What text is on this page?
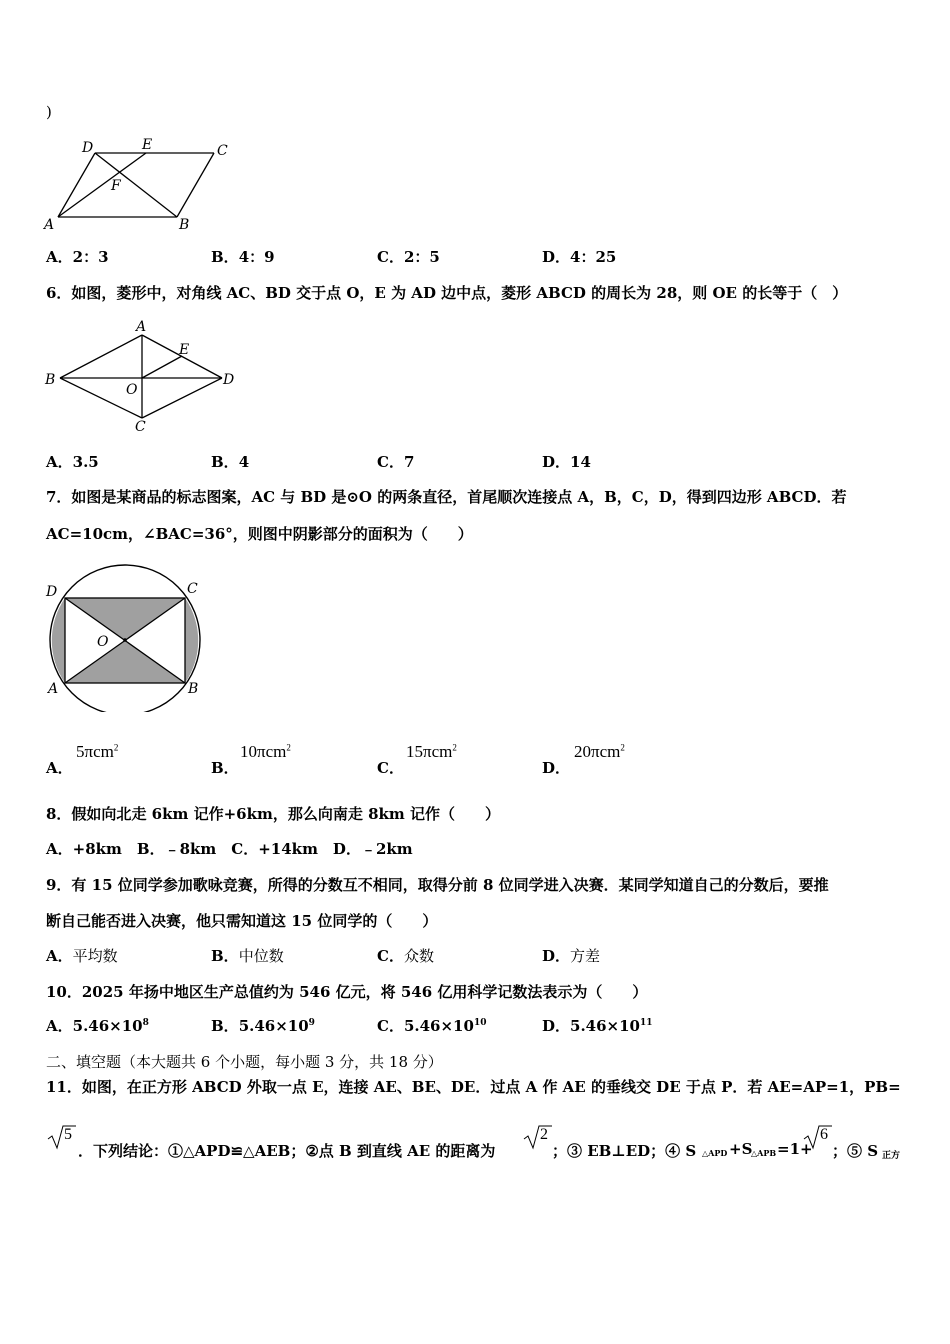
)
D	E	C
F
A	B
A．2：3	B．4：9	C．2：5	D．4：25
6．如图，菱形中，对角线 AC、BD 交于点 O，E 为 AD 边中点，菱形 ABCD 的周长为 28，则 OE 的长等于（　）
A
E
B
O
D
C
A．3.5	B．4	C．7	D．14
7．如图是某商品的标志图案，AC 与 BD 是⊙O 的两条直径，首尾顺次连接点 A，B，C，D，得到四边形 ABCD．若
AC=10cm，∠BAC=36°，则图中阴影部分的面积为（　　）
D	C
O
A	B
A．
5πcm$^2$
B．
10πcm$^2$
C．
15πcm$^2$
D．
20πcm$^2$
8．假如向北走 6km 记作+6km，那么向南走 8km 记作（　　）
A．+8km　B．﹣8km　C．+14km　D．﹣2km
9．有 15 位同学参加歌咏竞赛，所得的分数互不相同，取得分前 8 位同学进入决赛．某同学知道自己的分数后，要推
断自己能否进入决赛，他只需知道这 15 位同学的（　　）
A．平均数	B．中位数	C．众数	D．方差
10．2025 年扬中地区生产总值约为 546 亿元，将 546 亿用科学记数法表示为（　　）
A．$5.46\times 10^8$	B．$5.46\times 10^9$	C．$5.46\times 10^{10}$	D．$5.46\times 10^{11}$
二、填空题（本大题共 6 个小题，每小题 3 分，共 18 分）
11．如图，在正方形 ABCD 外取一点 E，连接 AE、BE、DE．过点 A 作 AE 的垂线交 DE 于点 P．若 AE=AP=1，PB=
5
．下列结论：①△APD≌△AEB；②点 B 到直线 AE 的距离为
2
；③ EB⊥ED；④ S △APD +S
△APB =1+
6
；⑤ S 正方
